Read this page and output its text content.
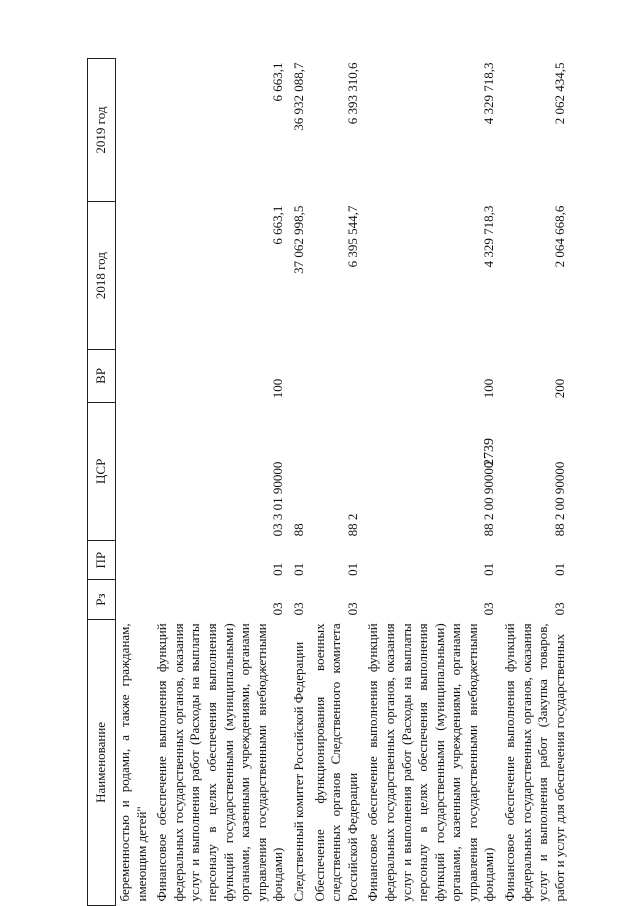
2739
Наименование	Рз	ПР	ЦСР	ВР	2018 год	2019 год
беременностью и родами, а также гражданам, имеющим детей"						
Финансовое обеспечение выполнения функций федеральных государственных органов, оказания услуг и выполнения работ (Расходы на выплаты персоналу в целях обеспечения выполнения функций государственными (муниципальными) органами, казенными учреждениями, органами управления государственными внебюджетными фондами)	03	01	03 3 01 90000	100	6 663,1	6 663,1
Следственный комитет Российской Федерации	03	01	88		37 062 998,5	36 932 088,7
Обеспечение функционирования военных следственных органов Следственного комитета Российской Федерации	03	01	88 2		6 395 544,7	6 393 310,6
Финансовое обеспечение выполнения функций федеральных государственных органов, оказания услуг и выполнения работ (Расходы на выплаты персоналу в целях обеспечения выполнения функций государственными (муниципальными) органами, казенными учреждениями, органами управления государственными внебюджетными фондами)	03	01	88 2 00 90000	100	4 329 718,3	4 329 718,3
Финансовое обеспечение выполнения функций федеральных государственных органов, оказания услуг и выполнения работ (Закупка товаров, работ и услуг для обеспечения государственных	03	01	88 2 00 90000	200	2 064 668,6	2 062 434,5
